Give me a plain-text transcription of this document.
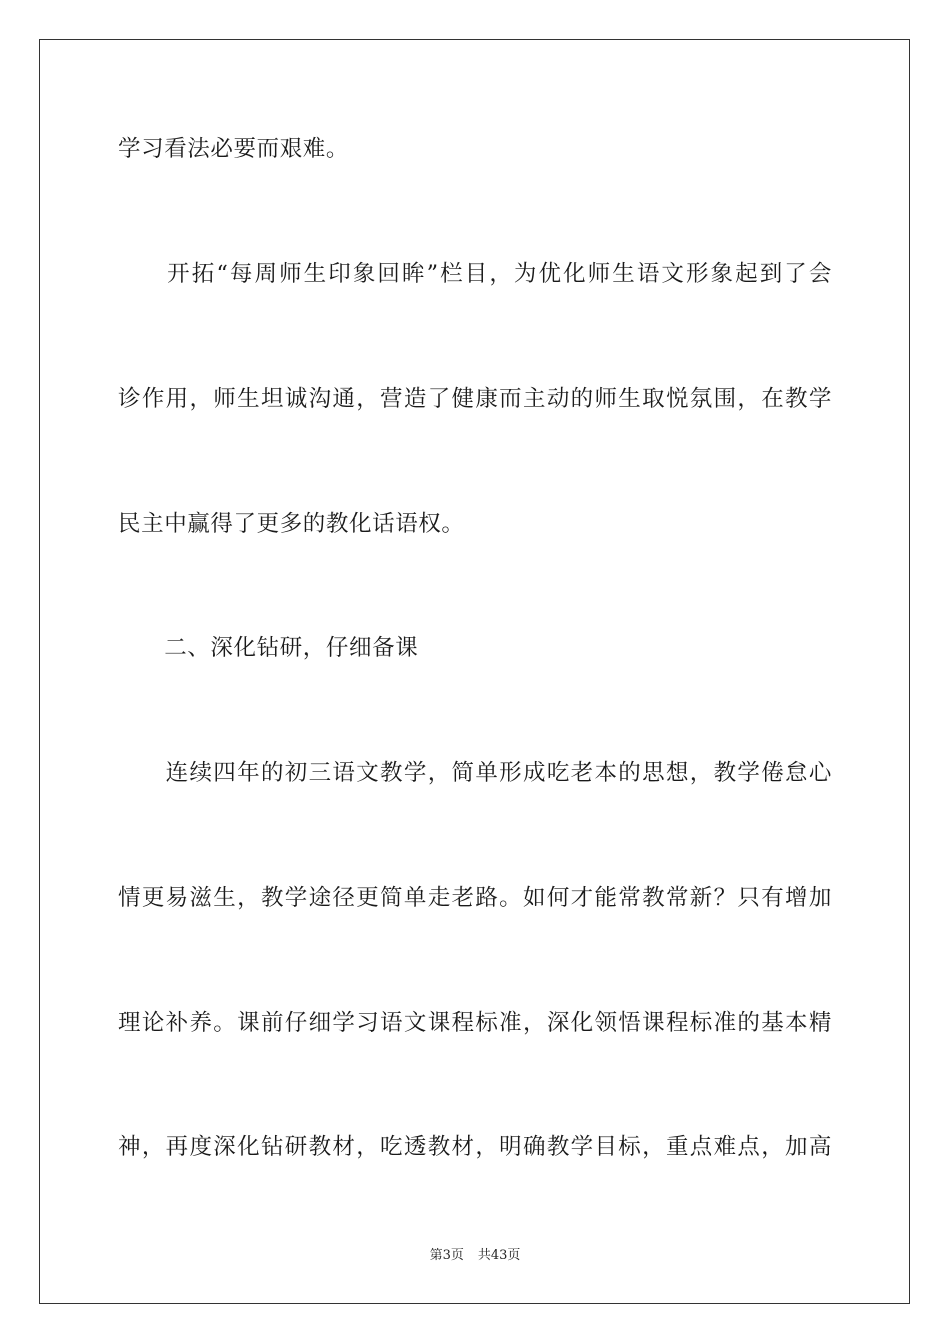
学习看法必要而艰难。
　　开拓“每周师生印象回眸”栏目，为优化师生语文形象起到了会
诊作用，师生坦诚沟通，营造了健康而主动的师生取悦氛围，在教学
民主中赢得了更多的教化话语权。
　　二、深化钻研，仔细备课
　　连续四年的初三语文教学，简单形成吃老本的思想，教学倦怠心
情更易滋生，教学途径更简单走老路。如何才能常教常新？只有增加
理论补养。课前仔细学习语文课程标准，深化领悟课程标准的基本精
神，再度深化钻研教材，吃透教材，明确教学目标，重点难点，加高
第3页 共43页
